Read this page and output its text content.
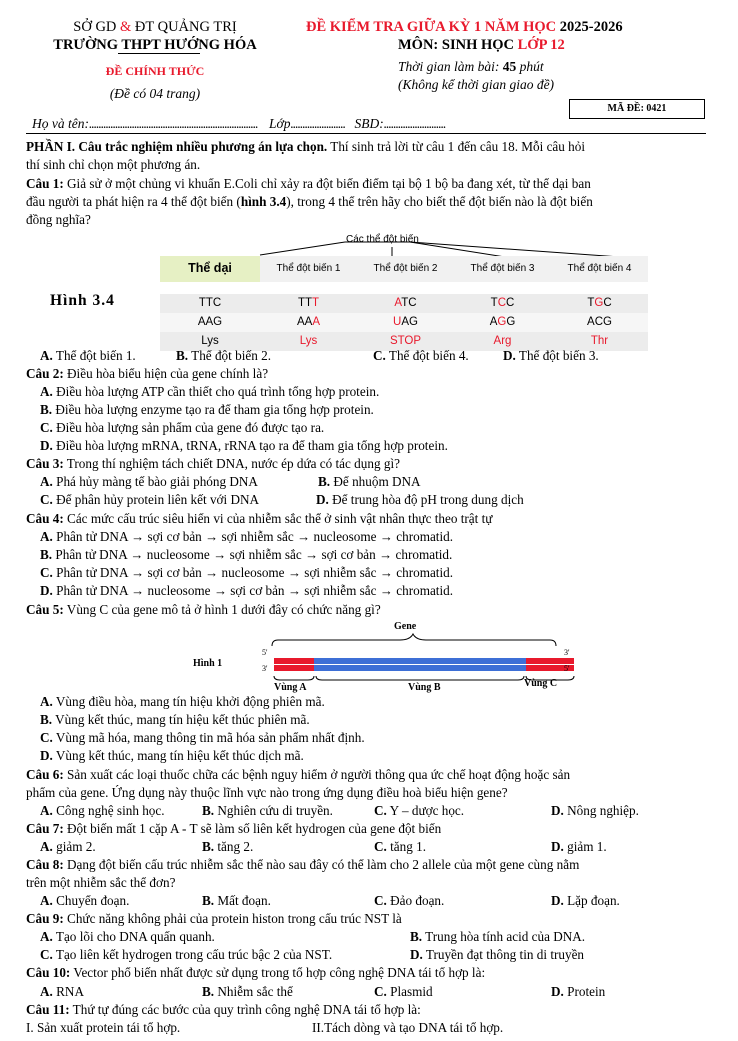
SỞ GD & ĐT QUẢNG TRỊ
TRƯỜNG THPT HƯỚNG HÓA
ĐỀ CHÍNH THỨC
(Đề có 04 trang)
ĐỀ KIỂM TRA GIỮA KỲ 1 NĂM HỌC 2025-2026
MÔN: SINH HỌC LỚP 12
Thời gian làm bài: 45 phút
(Không kể thời gian giao đề)
MÃ ĐỀ: 0421
Họ và tên:....................................................................... Lớp....................... SBD:..........................
PHẦN I. Câu trắc nghiệm nhiều phương án lựa chọn. Thí sinh trả lời từ câu 1 đến câu 18. Mỗi câu hỏi
thí sinh chỉ chọn một phương án.
Câu 1: Giả sử ở một chủng vi khuẩn E.Coli chỉ xảy ra đột biến điểm tại bộ 1 bộ ba đang xét, từ thể dại ban
đầu người ta phát hiện ra 4 thể đột biến (hình 3.4), trong 4 thể trên hãy cho biết thể đột biến nào là đột biến
đồng nghĩa?
Các thể đột biến
Hình 3.4
Thể dại	Thể đột biến 1	Thể đột biến 2	Thể đột biến 3	Thể đột biến 4

TTC	TTT	ATC	TCC	TGC
AAG	AAA	UAG	AGG	ACG
Lys	Lys	STOP	Arg	Thr
A. Thể đột biến 1.	B. Thể đột biến 2.	C. Thể đột biến 4.	D. Thể đột biến 3.
Câu 2: Điều hòa biểu hiện của gene chính là?
A. Điều hòa lượng ATP cần thiết cho quá trình tổng hợp protein.
B. Điều hòa lượng enzyme tạo ra để tham gia tổng hợp protein.
C. Điều hòa lượng sản phẩm của gene đó được tạo ra.
D. Điều hòa lượng mRNA, tRNA, rRNA tạo ra để tham gia tổng hợp protein.
Câu 3: Trong thí nghiệm tách chiết DNA, nước ép dứa có tác dụng gì?
A. Phá hủy màng tế bào giải phóng DNA	B. Để nhuộm DNA
C. Để phân hủy protein liên kết với DNA	D. Để trung hòa độ pH trong dung dịch
Câu 4: Các mức cấu trúc siêu hiển vi của nhiễm sắc thể ở sinh vật nhân thực theo trật tự
A. Phân tử DNA → sợi cơ bản → sợi nhiễm sắc → nucleosome → chromatid.
B. Phân tử DNA → nucleosome → sợi nhiễm sắc → sợi cơ bản → chromatid.
C. Phân tử DNA → sợi cơ bản → nucleosome → sợi nhiễm sắc → chromatid.
D. Phân tử DNA → nucleosome → sợi cơ bản → sợi nhiễm sắc → chromatid.
Câu 5: Vùng C của gene mô tả ở hình 1 dưới đây có chức năng gì?
Hình 1
Gene
5'
3'
3'
5'
Vùng A	Vùng B	Vùng C
A. Vùng điều hòa, mang tín hiệu khởi động phiên mã.
B. Vùng kết thúc, mang tín hiệu kết thúc phiên mã.
C. Vùng mã hóa, mang thông tin mã hóa sản phẩm nhất định.
D. Vùng kết thúc, mang tín hiệu kết thúc dịch mã.
Câu 6: Sản xuất các loại thuốc chữa các bệnh nguy hiểm ở người thông qua ức chế hoạt động hoặc sản
phẩm của gene. Ứng dụng này thuộc lĩnh vực nào trong ứng dụng điều hoà biểu hiện gene?
A. Công nghệ sinh học.	B. Nghiên cứu di truyền.	C. Y – dược học.	D. Nông nghiệp.
Câu 7: Đột biến mất 1 cặp A - T sẽ làm số liên kết hydrogen của gene đột biến
A. giảm 2.	B. tăng 2.	C. tăng 1.	D. giảm 1.
Câu 8: Dạng đột biến cấu trúc nhiễm sắc thể nào sau đây có thể làm cho 2 allele của một gene cùng nằm
trên một nhiễm sắc thể đơn?
A. Chuyển đoạn.	B. Mất đoạn.	C. Đảo đoạn.	D. Lặp đoạn.
Câu 9: Chức năng không phải của protein histon trong cấu trúc NST là
A. Tạo lõi cho DNA quấn quanh.	B. Trung hòa tính acid của DNA.
C. Tạo liên kết hydrogen trong cấu trúc bậc 2 của NST.	D. Truyền đạt thông tin di truyền
Câu 10: Vector phổ biến nhất được sử dụng trong tổ hợp công nghệ DNA tái tổ hợp là:
A. RNA	B. Nhiễm sắc thể	C. Plasmid	D. Protein
Câu 11: Thứ tự đúng các bước của quy trình công nghệ DNA tái tổ hợp là:
I. Sản xuất protein tái tổ hợp.	II.Tách dòng và tạo DNA tái tổ hợp.
